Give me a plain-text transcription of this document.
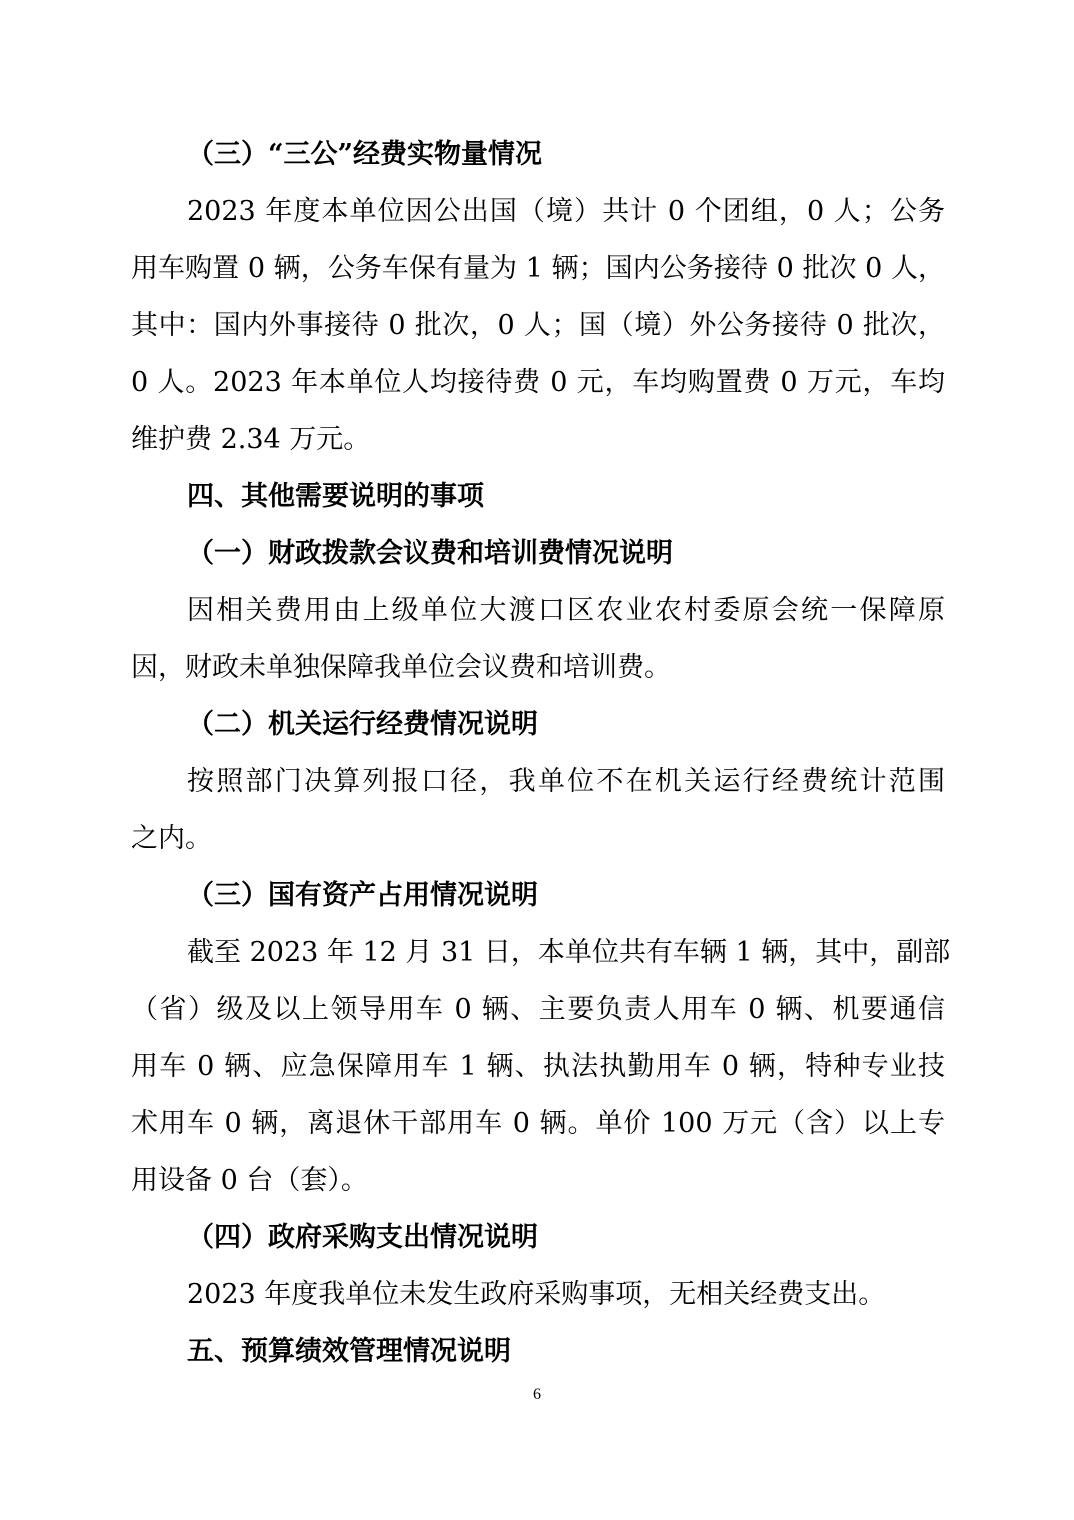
（三）“三公”经费实物量情况
2023 年度本单位因公出国（境）共计 0 个团组，0 人；公务
用车购置 0 辆，公务车保有量为 1 辆；国内公务接待 0 批次 0 人，
其中：国内外事接待 0 批次，0 人；国（境）外公务接待 0 批次，
0 人。2023 年本单位人均接待费 0 元，车均购置费 0 万元，车均
维护费 2.34 万元。
四、其他需要说明的事项
（一）财政拨款会议费和培训费情况说明
因相关费用由上级单位大渡口区农业农村委原会统一保障原
因，财政未单独保障我单位会议费和培训费。
（二）机关运行经费情况说明
按照部门决算列报口径，我单位不在机关运行经费统计范围
之内。
（三）国有资产占用情况说明
截至 2023 年 12 月 31 日，本单位共有车辆 1 辆，其中，副部
（省）级及以上领导用车 0 辆、主要负责人用车 0 辆、机要通信
用车 0 辆、应急保障用车 1 辆、执法执勤用车 0 辆，特种专业技
术用车 0 辆，离退休干部用车 0 辆。单价 100 万元（含）以上专
用设备 0 台（套）。
（四）政府采购支出情况说明
2023 年度我单位未发生政府采购事项，无相关经费支出。
五、预算绩效管理情况说明
6
